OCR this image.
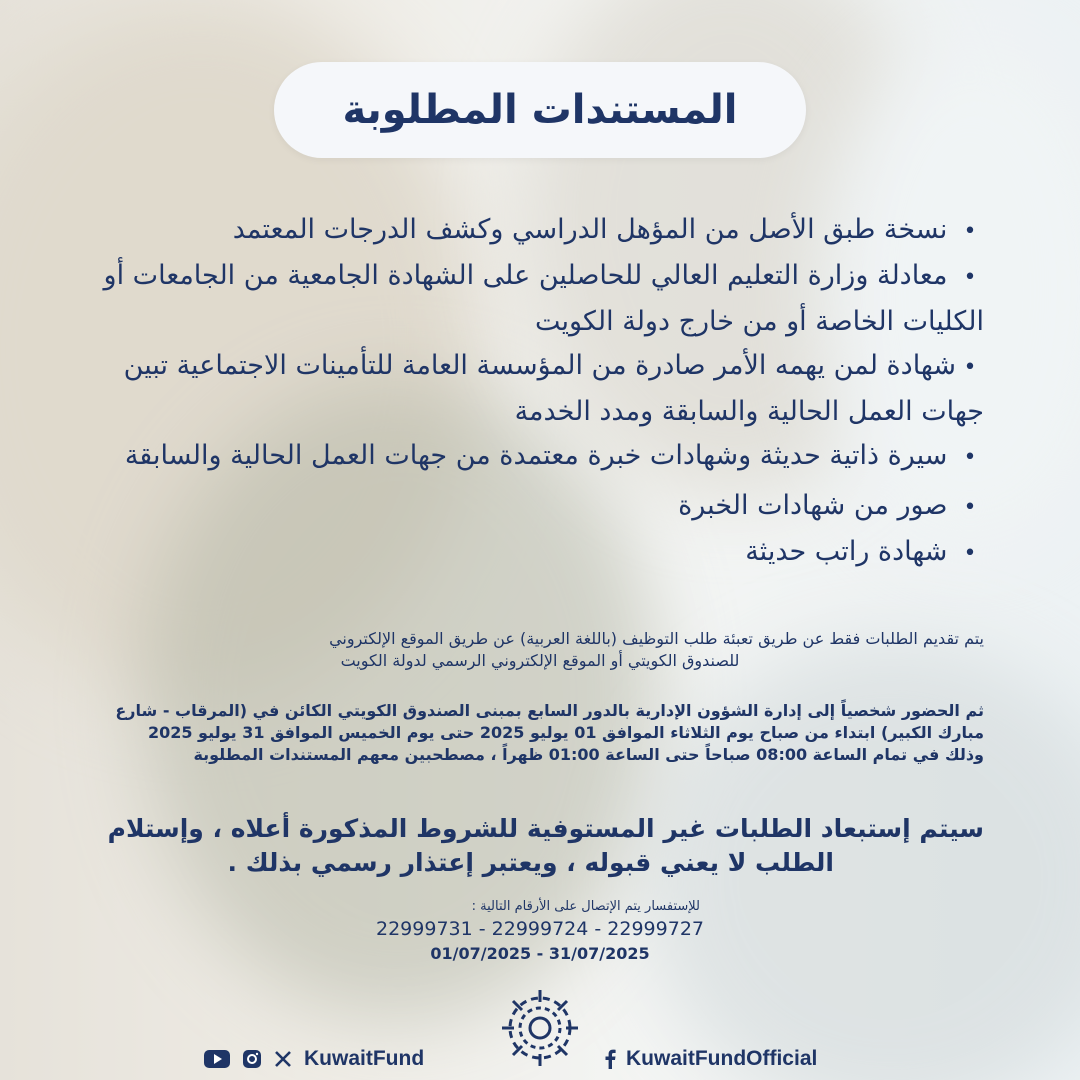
المستندات المطلوبة
• نسخة طبق الأصل من المؤهل الدراسي وكشف الدرجات المعتمد
• معادلة وزارة التعليم العالي للحاصلين على الشهادة الجامعية من الجامعات أو الكليات الخاصة أو من خارج دولة الكويت
•شهادة لمن يهمه الأمر صادرة من المؤسسة العامة للتأمينات الاجتماعية تبين جهات العمل الحالية والسابقة ومدد الخدمة
• سيرة ذاتية حديثة وشهادات خبرة معتمدة من جهات العمل الحالية والسابقة
• صور من شهادات الخبرة
• شهادة راتب حديثة
يتم تقديم الطلبات فقط عن طريق تعبئة طلب التوظيف (باللغة العربية) عن طريق الموقع الإلكتروني
للصندوق الكويتي أو الموقع الإلكتروني الرسمي لدولة الكويت
ثم الحضور شخصياً إلى إدارة الشؤون الإدارية بالدور السابع بمبنى الصندوق الكويتي الكائن في (المرقاب - شارع
مبارك الكبير) ابتداء من صباح يوم الثلاثاء الموافق 01 يوليو 2025 حتى يوم الخميس الموافق 31 يوليو 2025
وذلك في تمام الساعة 08:00 صباحاً حتى الساعة 01:00 ظهراً ، مصطحبين معهم المستندات المطلوبة
سيتم إستبعاد الطلبات غير المستوفية للشروط المذكورة أعلاه ، وإستلام
الطلب لا يعني قبوله ، ويعتبر إعتذار رسمي بذلك .
للإستفسار يتم الإتصال على الأرقام التالية :
22999731 - 22999724 - 22999727
01/07/2025 - 31/07/2025
KuwaitFund	KuwaitFundOfficial
